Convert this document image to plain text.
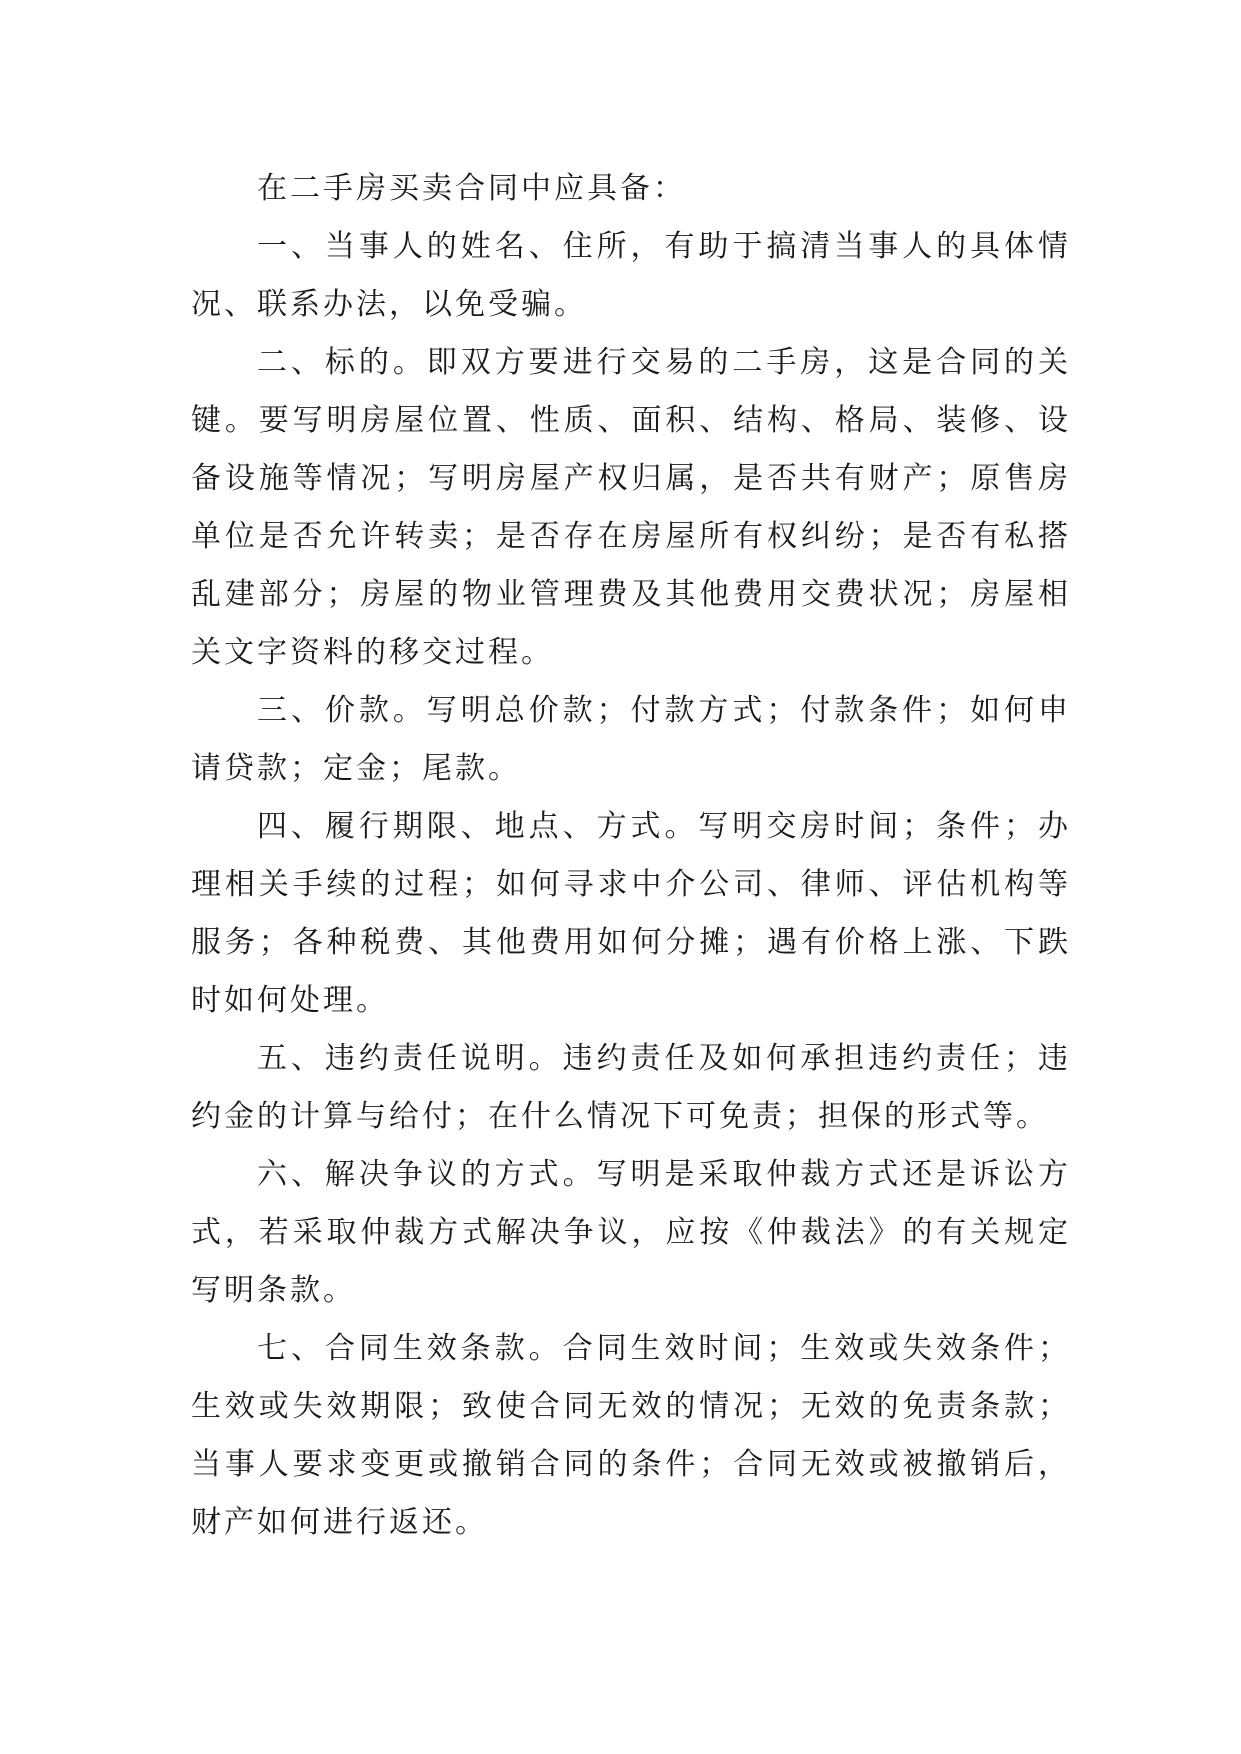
在二手房买卖合同中应具备：

一、当事人的姓名、住所，有助于搞清当事人的具体情况、联系办法，以免受骗。

二、标的。即双方要进行交易的二手房，这是合同的关键。要写明房屋位置、性质、面积、结构、格局、装修、设备设施等情况；写明房屋产权归属，是否共有财产；原售房单位是否允许转卖；是否存在房屋所有权纠纷；是否有私搭乱建部分；房屋的物业管理费及其他费用交费状况；房屋相关文字资料的移交过程。

三、价款。写明总价款；付款方式；付款条件；如何申请贷款；定金；尾款。

四、履行期限、地点、方式。写明交房时间；条件；办理相关手续的过程；如何寻求中介公司、律师、评估机构等服务；各种税费、其他费用如何分摊；遇有价格上涨、下跌时如何处理。

五、违约责任说明。违约责任及如何承担违约责任；违约金的计算与给付；在什么情况下可免责；担保的形式等。

六、解决争议的方式。写明是采取仲裁方式还是诉讼方式，若采取仲裁方式解决争议，应按《仲裁法》的有关规定写明条款。

七、合同生效条款。合同生效时间；生效或失效条件；生效或失效期限；致使合同无效的情况；无效的免责条款；当事人要求变更或撤销合同的条件；合同无效或被撤销后，财产如何进行返还。
